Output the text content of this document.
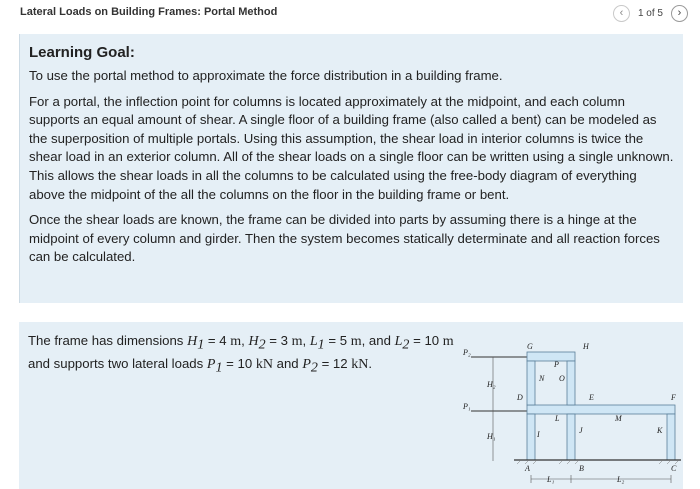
Lateral Loads on Building Frames: Portal Method	‹ 1 of 5 ›
Learning Goal:

To use the portal method to approximate the force distribution in a building frame.

For a portal, the inflection point for columns is located approximately at the midpoint, and each column supports an equal amount of shear. A single floor of a building frame (also called a bent) can be modeled as the superposition of multiple portals. Using this assumption, the shear load in interior columns is twice the shear load in an exterior column. All of the shear loads on a single floor can be written using a single unknown. This allows the shear loads in all the columns to be calculated using the free-body diagram of everything above the midpoint of the all the columns on the floor in the building frame or bent.

Once the shear loads are known, the frame can be divided into parts by assuming there is a hinge at the midpoint of every column and girder. Then the system becomes statically determinate and all reaction forces can be calculated.

The frame has dimensions $H_1 = 4$ m, $H_2 = 3$ m, $L_1 = 5$ m, and $L_2 = 10$ m and supports two lateral loads $P_1 = 10$ kN and $P_2 = 12$ kN.
P₂
P₁
H₂
H₁
G	H
P
N O
D	E	F
L
I	J
M
K
A	B	C
L₁	L₂
